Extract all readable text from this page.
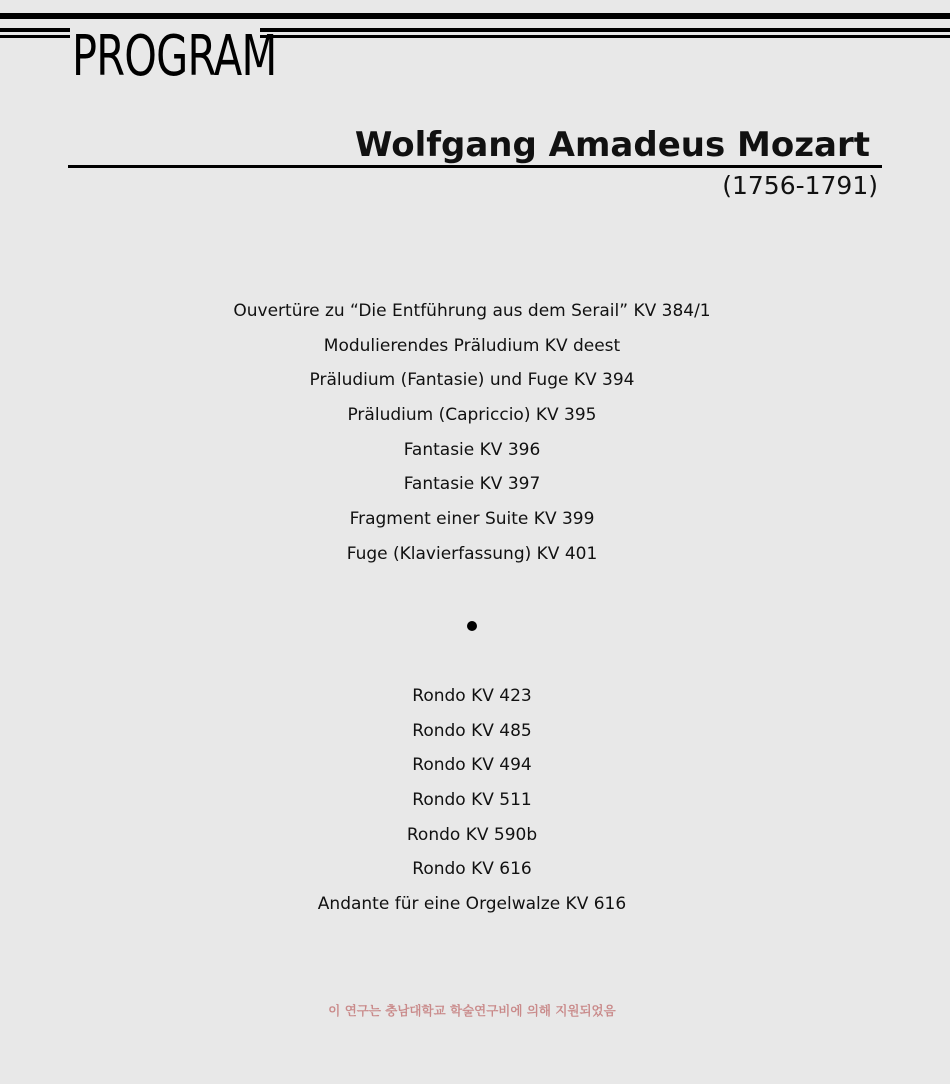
PROGRAM
Wolfgang Amadeus Mozart
(1756-1791)
Ouvertüre zu “Die Entführung aus dem Serail” KV 384/1
Modulierendes Präludium KV deest
Präludium (Fantasie) und Fuge KV 394
Präludium (Capriccio) KV 395
Fantasie KV 396
Fantasie KV 397
Fragment einer Suite KV 399
Fuge (Klavierfassung) KV 401
Rondo KV 423
Rondo KV 485
Rondo KV 494
Rondo KV 511
Rondo KV 590b
Rondo KV 616
Andante für eine Orgelwalze KV 616
이 연구는 충남대학교 학술연구비에 의해 지원되었음
